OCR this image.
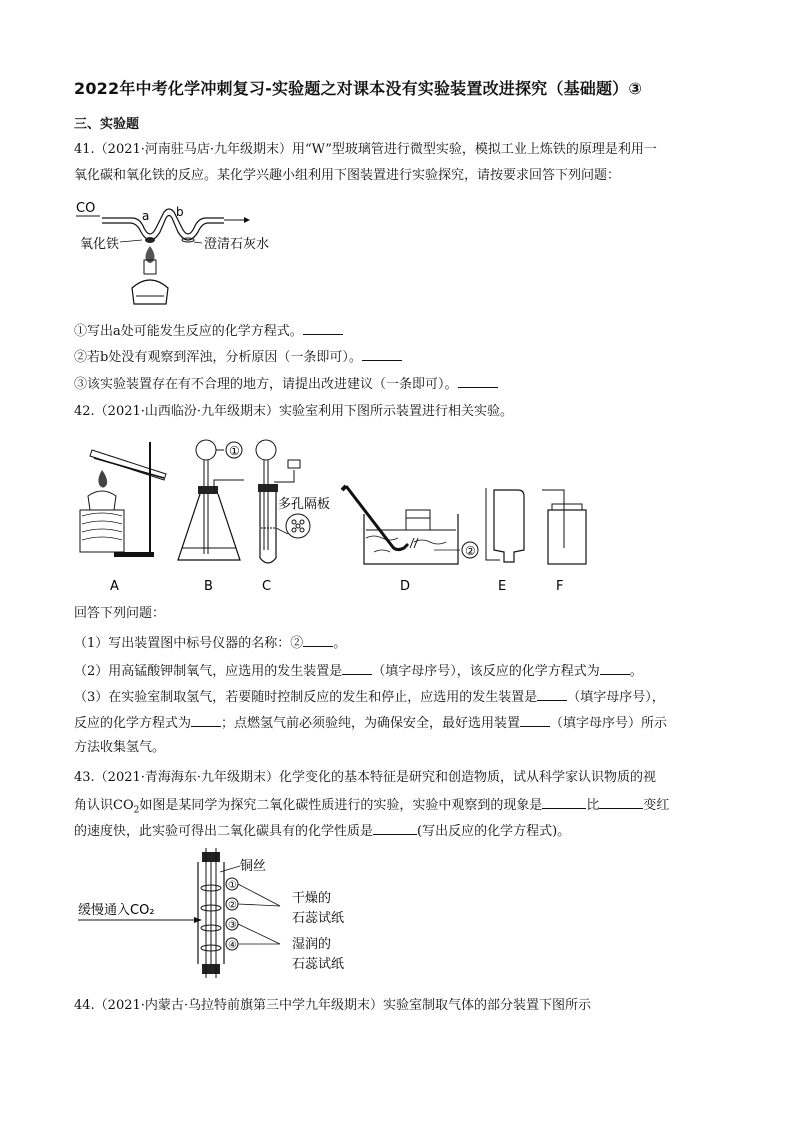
2022年中考化学冲刺复习-实验题之对课本没有实验装置改进探究（基础题）③
三、实验题
41.（2021·河南驻马店·九年级期末）用“W”型玻璃管进行微型实验，模拟工业上炼铁的原理是利用一
氧化碳和氧化铁的反应。某化学兴趣小组利用下图装置进行实验探究，请按要求回答下列问题：
CO	a b
氧化铁	澄清石灰水
①写出a处可能发生反应的化学方程式。
②若b处没有观察到浑浊，分析原因（一条即可）。
③该实验装置存在有不合理的地方，请提出改进建议（一条即可）。
42.（2021·山西临汾·九年级期末）实验室利用下图所示装置进行相关实验。
A
①
B
多孔隔板
C
②
D	E	F
回答下列问题：
（1）写出装置图中标号仪器的名称：② 。
（2）用高锰酸钾制氧气，应选用的发生装置是 （填字母序号），该反应的化学方程式为 。
（3）在实验室制取氢气，若要随时控制反应的发生和停止，应选用的发生装置是 （填字母序号），
反应的化学方程式为 ；点燃氢气前必须验纯，为确保安全，最好选用装置 （填字母序号）所示
方法收集氢气。
43.（2021·青海海东·九年级期末）化学变化的基本特征是研究和创造物质，试从科学家认识物质的视
角认识$CO_2$如图是某同学为探究二氧化碳性质进行的实验，实验中观察到的现象是	比	变红
的速度快，此实验可得出二氧化碳具有的化学性质是	(写出反应的化学方程式)。
缓慢通入CO₂
①
②
③
④
铜丝
干燥的
石蕊试纸
湿润的
石蕊试纸
44.（2021·内蒙古·乌拉特前旗第三中学九年级期末）实验室制取气体的部分装置下图所示
